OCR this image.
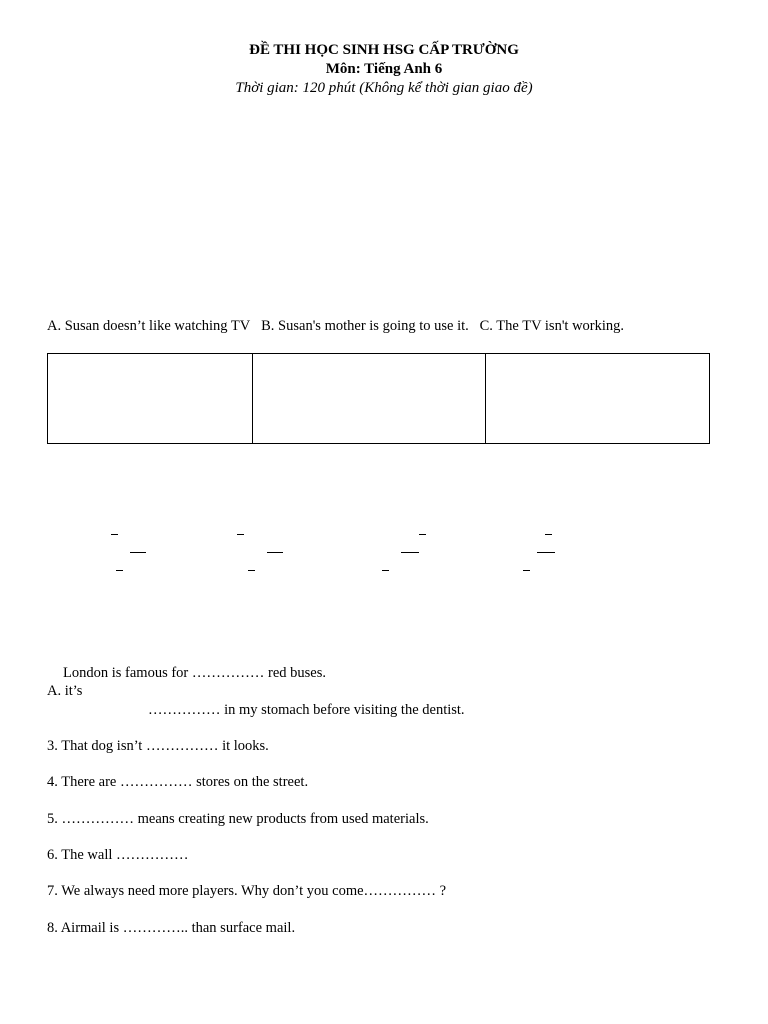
ĐỀ THI HỌC SINH HSG CẤP TRƯỜNG
Môn: Tiếng Anh 6
Thời gian: 120 phút (Không kể thời gian giao đề)
A. Susan doesn’t like watching TV B. Susan's mother is going to use it. C. The TV isn't working.

London is famous for …………… red buses.
A. it’s
…………… in my stomach before visiting the dentist.
3. That dog isn’t …………… it looks.
4. There are …………… stores on the street.
5. …………… means creating new products from used materials.
6. The wall ……………
7. We always need more players. Why don’t you come…………… ?
8. Airmail is ………….. than surface mail.
